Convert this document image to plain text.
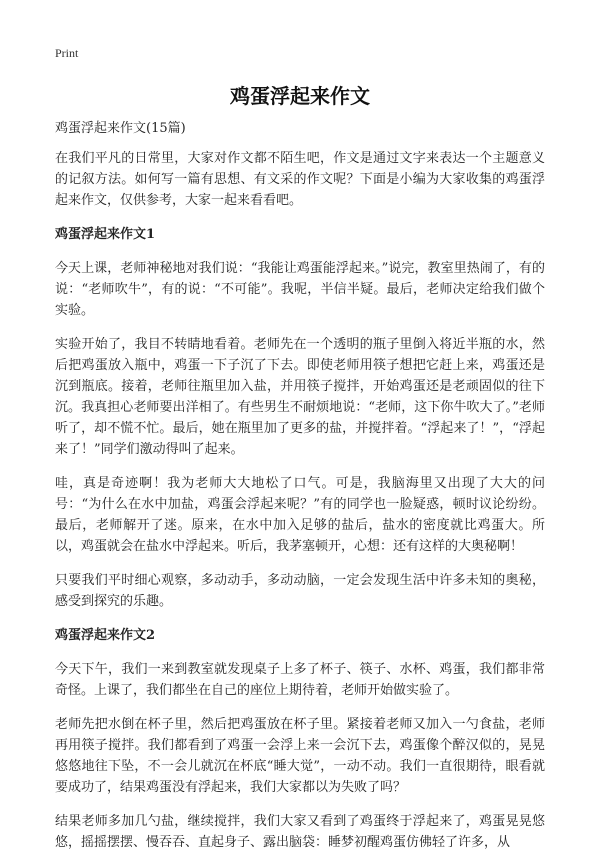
Print
鸡蛋浮起来作文

鸡蛋浮起来作文(15篇)

在我们平凡的日常里，大家对作文都不陌生吧，作文是通过文字来表达一个主题意义的记叙方法。如何写一篇有思想、有文采的作文呢？下面是小编为大家收集的鸡蛋浮起来作文，仅供参考，大家一起来看看吧。

鸡蛋浮起来作文1

今天上课，老师神秘地对我们说：“我能让鸡蛋能浮起来。”说完，教室里热闹了，有的说：“老师吹牛”，有的说：“不可能”。我呢，半信半疑。最后，老师决定给我们做个实验。

实验开始了，我目不转睛地看着。老师先在一个透明的瓶子里倒入将近半瓶的水，然后把鸡蛋放入瓶中，鸡蛋一下子沉了下去。即使老师用筷子想把它赶上来，鸡蛋还是沉到瓶底。接着，老师往瓶里加入盐，并用筷子搅拌，开始鸡蛋还是老顽固似的往下沉。我真担心老师要出洋相了。有些男生不耐烦地说：“老师，这下你牛吹大了。”老师听了，却不慌不忙。最后，她在瓶里加了更多的盐，并搅拌着。“浮起来了！”，“浮起来了！”同学们激动得叫了起来。

哇，真是奇迹啊！我为老师大大地松了口气。可是，我脑海里又出现了大大的问号：“为什么在水中加盐，鸡蛋会浮起来呢？”有的同学也一脸疑惑，顿时议论纷纷。最后，老师解开了迷。原来，在水中加入足够的盐后，盐水的密度就比鸡蛋大。所以，鸡蛋就会在盐水中浮起来。听后，我茅塞顿开，心想：还有这样的大奥秘啊！

只要我们平时细心观察，多动动手，多动动脑，一定会发现生活中许多未知的奥秘，感受到探究的乐趣。

鸡蛋浮起来作文2

今天下午，我们一来到教室就发现桌子上多了杯子、筷子、水杯、鸡蛋，我们都非常奇怪。上课了，我们都坐在自己的座位上期待着，老师开始做实验了。

老师先把水倒在杯子里，然后把鸡蛋放在杯子里。紧接着老师又加入一勺食盐，老师再用筷子搅拌。我们都看到了鸡蛋一会浮上来一会沉下去，鸡蛋像个醉汉似的，晃晃悠悠地往下坠，不一会儿就沉在杯底“睡大觉”，一动不动。我们一直很期待，眼看就要成功了，结果鸡蛋没有浮起来，我们大家都以为失败了吗？

结果老师多加几勺盐，继续搅拌，我们大家又看到了鸡蛋终于浮起来了，鸡蛋晃晃悠悠，摇摇摆摆、慢吞吞、直起身子、露出脑袋：睡梦初醒鸡蛋仿佛轻了许多，从
